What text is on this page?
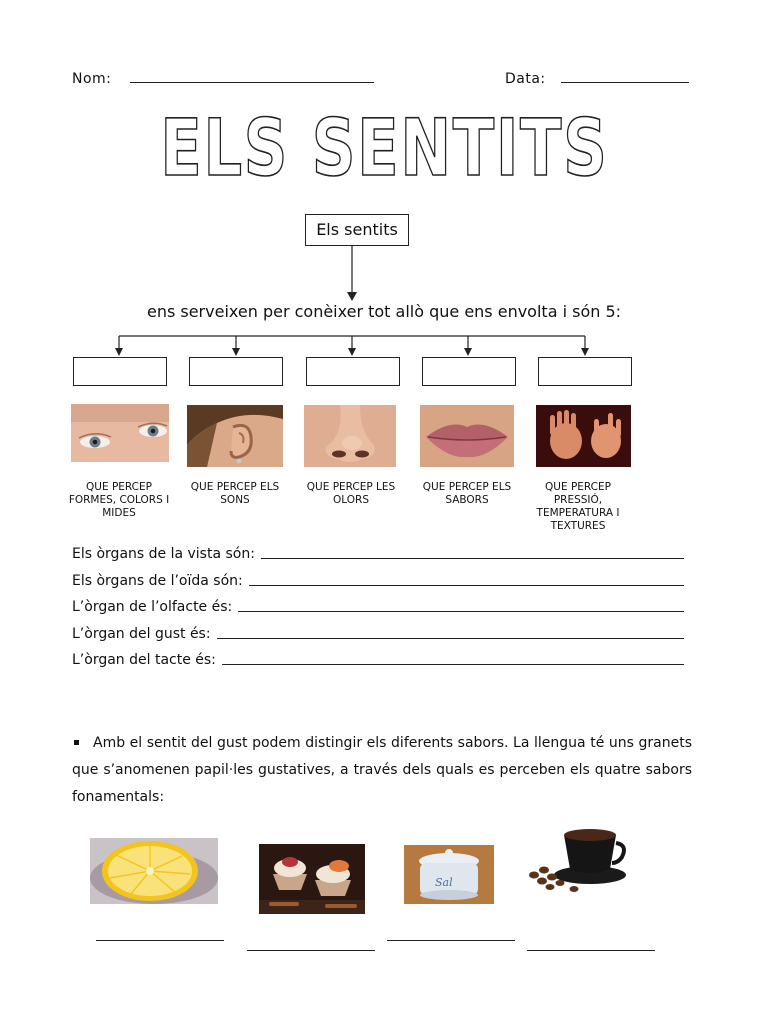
Nom:	Data:
ELS SENTITS
Els sentits
ens serveixen per conèixer tot allò que ens envolta i són 5:
QUE PERCEP FORMES, COLORS I MIDES
QUE PERCEP ELS SONS
QUE PERCEP LES OLORS
QUE PERCEP ELS SABORS
QUE PERCEP PRESSIÓ, TEMPERATURA I TEXTURES
Els òrgans de la vista són:
Els òrgans de l’oïda són:
L’òrgan de l’olfacte és:
L’òrgan del gust és:
L’òrgan del tacte és:
Amb el sentit del gust podem distingir els diferents sabors. La llengua té uns granets que s’anomenen papil·les gustatives, a través dels quals es perceben els quatre sabors fonamentals:
Sal
